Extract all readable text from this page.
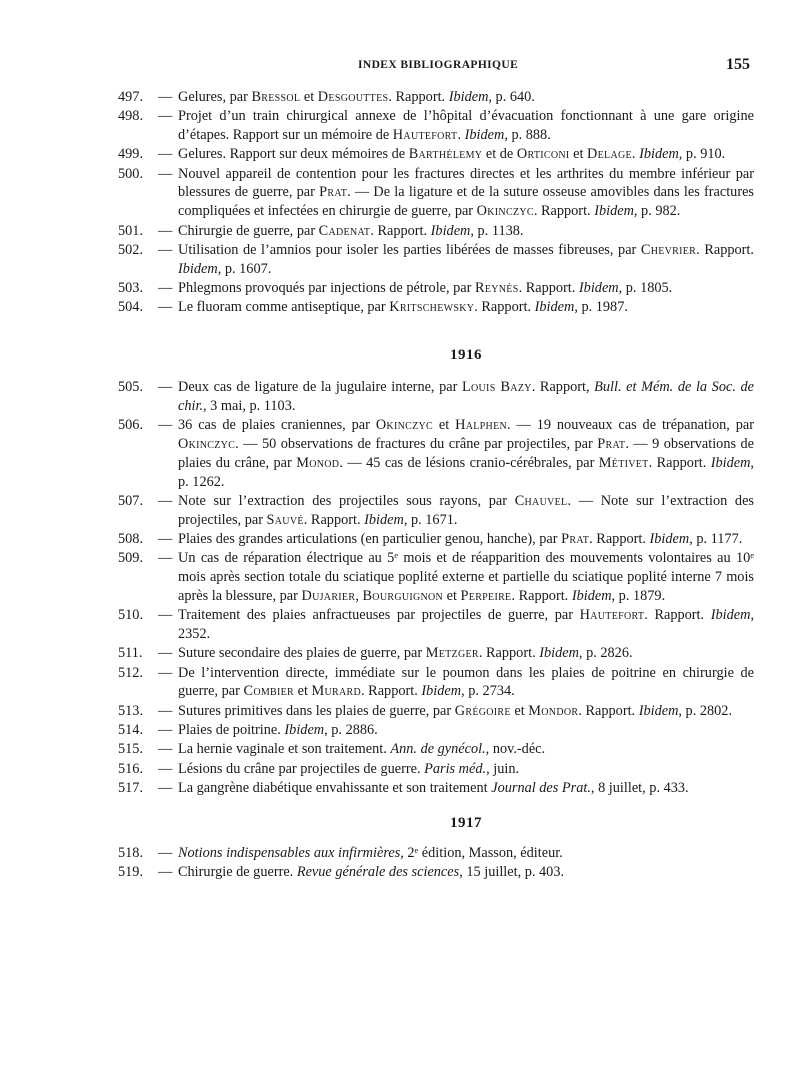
INDEX BIBLIOGRAPHIQUE	155
497.	— Gelures, par Bressol et Desgouttes. Rapport. Ibidem, p. 640.
498.	— Projet d’un train chirurgical annexe de l’hôpital d’évacuation fonctionnant à une gare origine d’étapes. Rapport sur un mémoire de Hautefort. Ibidem, p. 888.
499.	— Gelures. Rapport sur deux mémoires de Barthélemy et de Orticoni et Delage. Ibidem, p. 910.
500.	— Nouvel appareil de contention pour les fractures directes et les arthrites du membre inférieur par blessures de guerre, par Prat. — De la ligature et de la suture osseuse amovibles dans les fractures compliquées et infectées en chirurgie de guerre, par Okinczyc. Rapport. Ibidem, p. 982.
501.	— Chirurgie de guerre, par Cadenat. Rapport. Ibidem, p. 1138.
502.	— Utilisation de l’amnios pour isoler les parties libérées de masses fibreuses, par Chevrier. Rapport. Ibidem, p. 1607.
503.	— Phlegmons provoqués par injections de pétrole, par Reynès. Rapport. Ibidem, p. 1805.
504.	— Le fluoram comme antiseptique, par Kritschewsky. Rapport. Ibidem, p. 1987.
1916
505.	— Deux cas de ligature de la jugulaire interne, par Louis Bazy. Rapport, Bull. et Mém. de la Soc. de chir., 3 mai, p. 1103.
506.	— 36 cas de plaies craniennes, par Okinczyc et Halphen. — 19 nouveaux cas de trépanation, par Okinczyc. — 50 observations de fractures du crâne par projectiles, par Prat. — 9 observations de plaies du crâne, par Monod. — 45 cas de lésions cranio-cérébrales, par Métivet. Rapport. Ibidem, p. 1262.
507.	— Note sur l’extraction des projectiles sous rayons, par Chauvel. — Note sur l’extraction des projectiles, par Sauvé. Rapport. Ibidem, p. 1671.
508.	— Plaies des grandes articulations (en particulier genou, hanche), par Prat. Rapport. Ibidem, p. 1177.
509.	— Un cas de réparation électrique au 5ᵉ mois et de réapparition des mouvements volontaires au 10ᵉ mois après section totale du sciatique poplité externe et partielle du sciatique poplité interne 7 mois après la blessure, par Dujarier, Bourguignon et Perpeire. Rapport. Ibidem, p. 1879.
510.	— Traitement des plaies anfractueuses par projectiles de guerre, par Hautefort. Rapport. Ibidem, 2352.
511.	— Suture secondaire des plaies de guerre, par Metzger. Rapport. Ibidem, p. 2826.
512.	— De l’intervention directe, immédiate sur le poumon dans les plaies de poitrine en chirurgie de guerre, par Combier et Murard. Rapport. Ibidem, p. 2734.
513.	— Sutures primitives dans les plaies de guerre, par Grégoire et Mondor. Rapport. Ibidem, p. 2802.
514.	— Plaies de poitrine. Ibidem, p. 2886.
515.	— La hernie vaginale et son traitement. Ann. de gynécol., nov.-déc.
516.	— Lésions du crâne par projectiles de guerre. Paris méd., juin.
517.	— La gangrène diabétique envahissante et son traitement Journal des Prat., 8 juillet, p. 433.
1917
518.	— Notions indispensables aux infirmières, 2ᵉ édition, Masson, éditeur.
519.	— Chirurgie de guerre. Revue générale des sciences, 15 juillet, p. 403.
